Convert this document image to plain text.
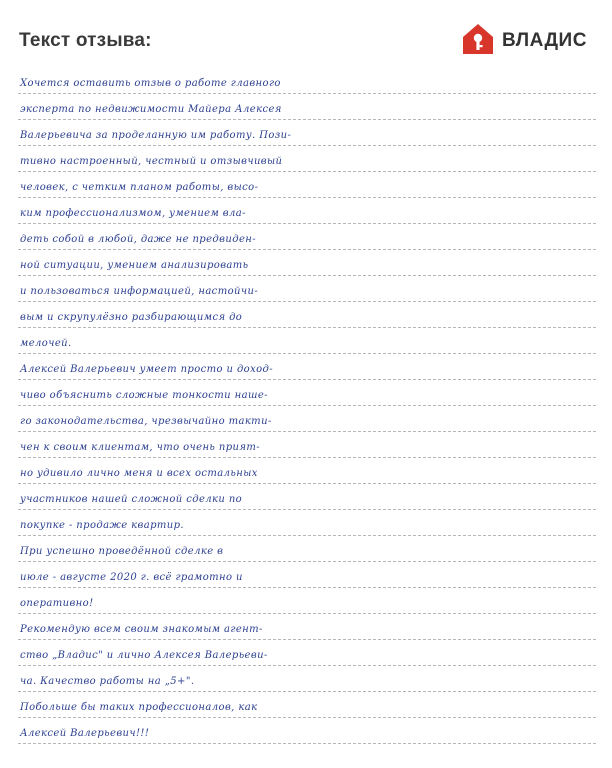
Текст отзыва:	ВЛАДИС
Хочется оставить отзыв о работе главного
эксперта по недвижимости Майера Алексея
Валерьевича за проделанную им работу. Пози-
тивно настроенный, честный и отзывчивый
человек, с четким планом работы, высо-
ким профессионализмом, умением вла-
деть собой в любой, даже не предвиден-
ной ситуации, умением анализировать
и пользоваться информацией, настойчи-
вым и скрупулёзно разбирающимся до
мелочей.
Алексей Валерьевич умеет просто и доход-
чиво объяснить сложные тонкости наше-
го законодательства, чрезвычайно такти-
чен к своим клиентам, что очень прият-
но удивило лично меня и всех остальных
участников нашей сложной сделки по
покупке - продаже квартир.
При успешно проведённой сделке в
июле - августе 2020 г. всё грамотно и
оперативно!
Рекомендую всем своим знакомым агент-
ство „Владис" и лично Алексея Валерьеви-
ча. Качество работы на „5+".
Побольше бы таких профессионалов, как
Алексей Валерьевич!!!
